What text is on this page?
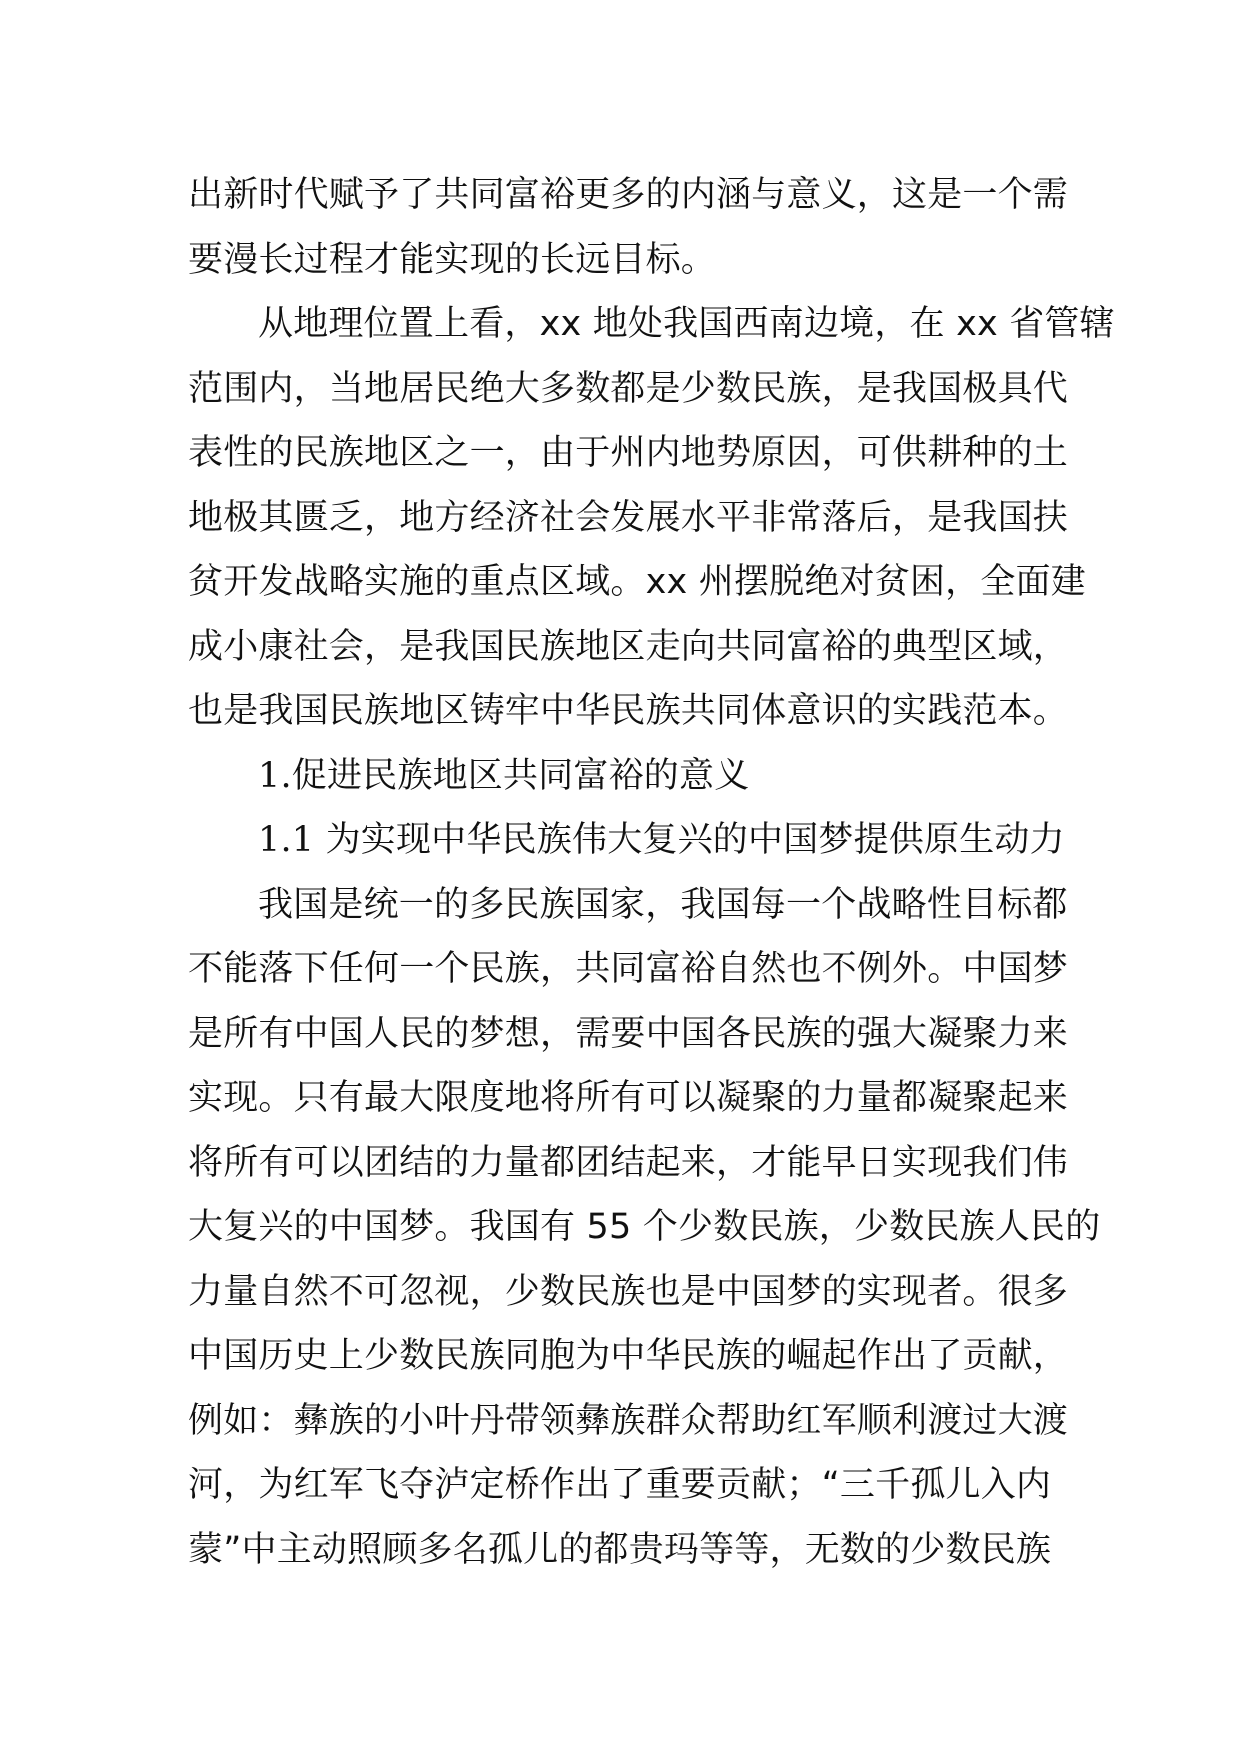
出新时代赋予了共同富裕更多的内涵与意义，这是一个需
要漫长过程才能实现的长远目标。
从地理位置上看，xx 地处我国西南边境，在 xx 省管辖
范围内，当地居民绝大多数都是少数民族，是我国极具代
表性的民族地区之一，由于州内地势原因，可供耕种的土
地极其匮乏，地方经济社会发展水平非常落后，是我国扶
贫开发战略实施的重点区域。xx 州摆脱绝对贫困，全面建
成小康社会，是我国民族地区走向共同富裕的典型区域，
也是我国民族地区铸牢中华民族共同体意识的实践范本。
1.促进民族地区共同富裕的意义
1.1 为实现中华民族伟大复兴的中国梦提供原生动力
我国是统一的多民族国家，我国每一个战略性目标都
不能落下任何一个民族，共同富裕自然也不例外。中国梦
是所有中国人民的梦想，需要中国各民族的强大凝聚力来
实现。只有最大限度地将所有可以凝聚的力量都凝聚起来
将所有可以团结的力量都团结起来，才能早日实现我们伟
大复兴的中国梦。我国有 55 个少数民族，少数民族人民的
力量自然不可忽视，少数民族也是中国梦的实现者。很多
中国历史上少数民族同胞为中华民族的崛起作出了贡献，
例如：彝族的小叶丹带领彝族群众帮助红军顺利渡过大渡
河，为红军飞夺泸定桥作出了重要贡献；“三千孤儿入内
蒙”中主动照顾多名孤儿的都贵玛等等，无数的少数民族
